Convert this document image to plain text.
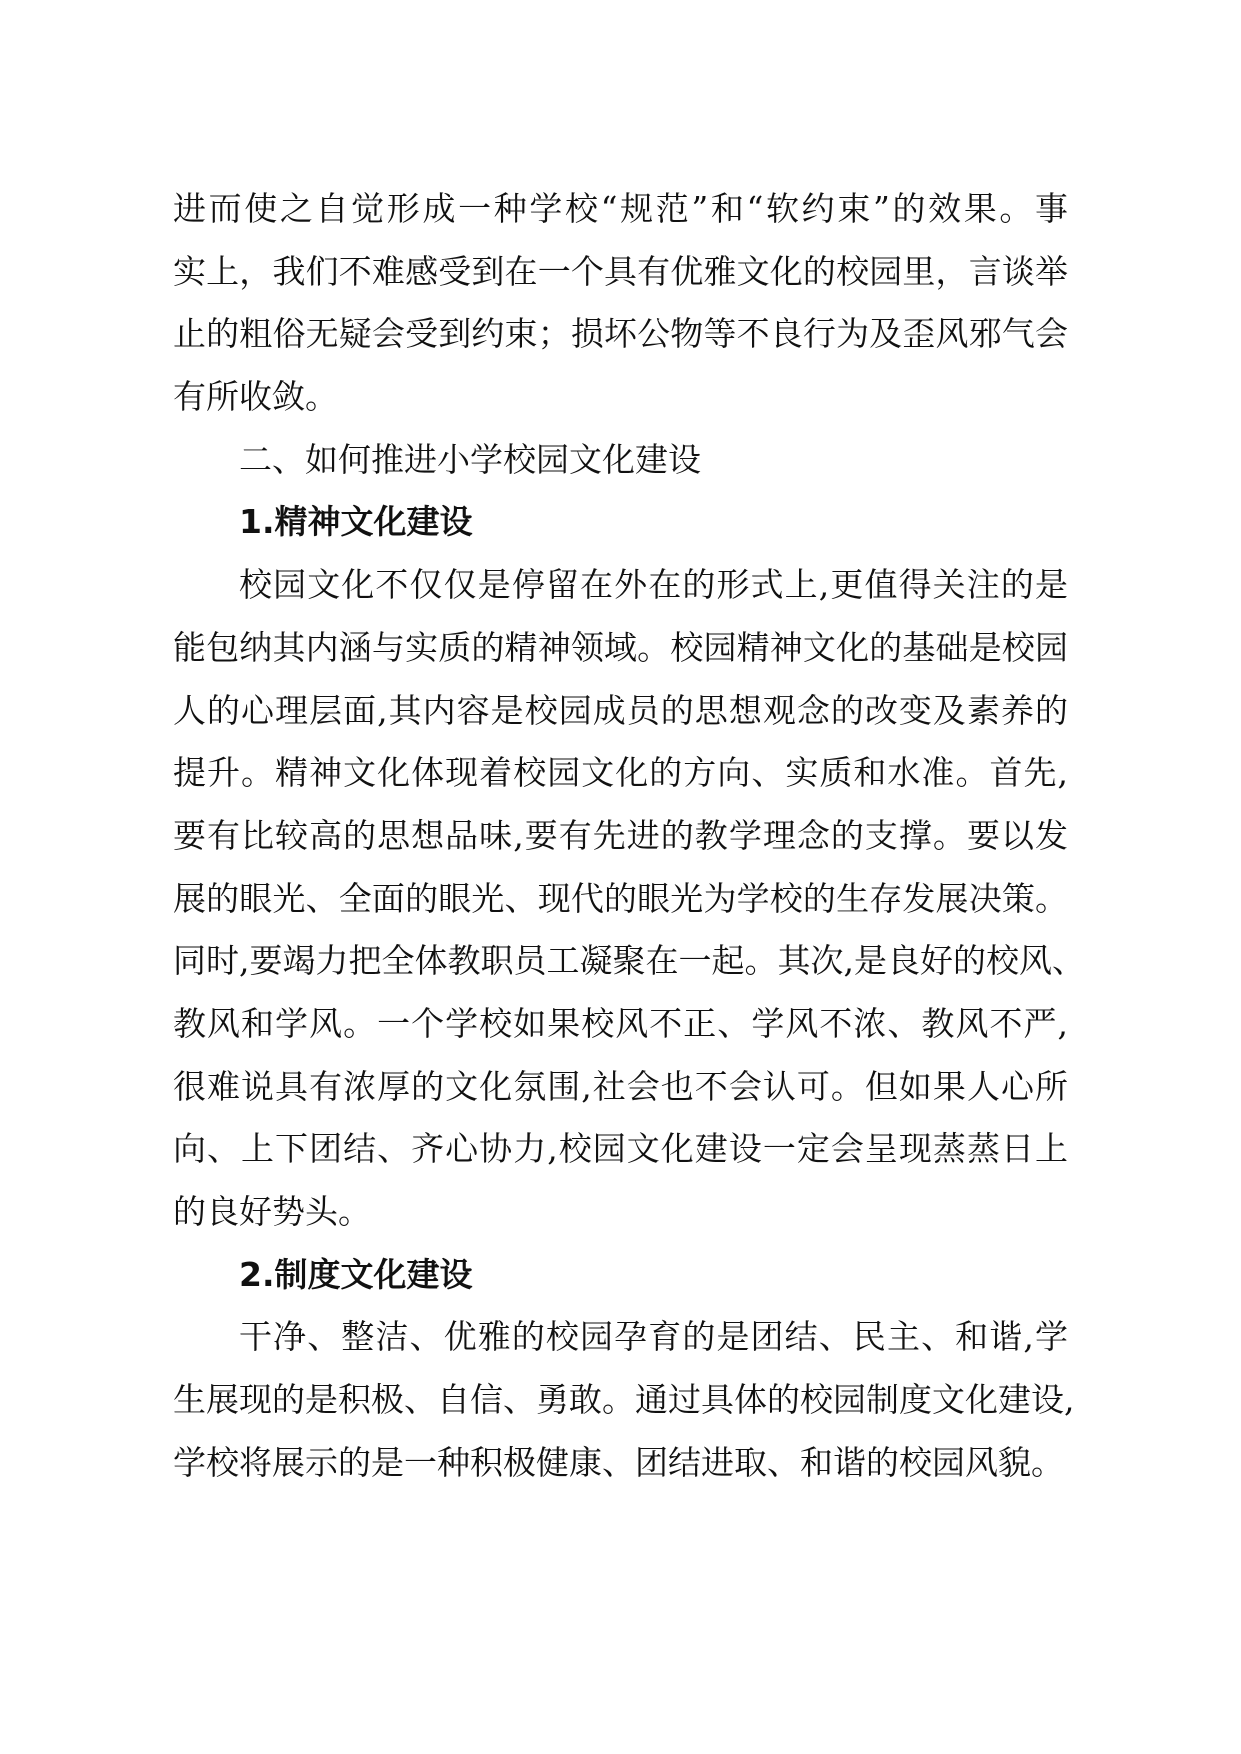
进而使之自觉形成一种学校“规范”和“软约束”的效果。事
实上，我们不难感受到在一个具有优雅文化的校园里，言谈举
止的粗俗无疑会受到约束；损坏公物等不良行为及歪风邪气会
有所收敛。
二、如何推进小学校园文化建设
1.精神文化建设
校园文化不仅仅是停留在外在的形式上,更值得关注的是
能包纳其内涵与实质的精神领域。校园精神文化的基础是校园
人的心理层面,其内容是校园成员的思想观念的改变及素养的
提升。精神文化体现着校园文化的方向、实质和水准。首先,
要有比较高的思想品味,要有先进的教学理念的支撑。要以发
展的眼光、全面的眼光、现代的眼光为学校的生存发展决策。
同时,要竭力把全体教职员工凝聚在一起。其次,是良好的校风、
教风和学风。一个学校如果校风不正、学风不浓、教风不严,
很难说具有浓厚的文化氛围,社会也不会认可。但如果人心所
向、上下团结、齐心协力,校园文化建设一定会呈现蒸蒸日上
的良好势头。
2.制度文化建设
干净、整洁、优雅的校园孕育的是团结、民主、和谐,学
生展现的是积极、自信、勇敢。通过具体的校园制度文化建设,
学校将展示的是一种积极健康、团结进取、和谐的校园风貌。
